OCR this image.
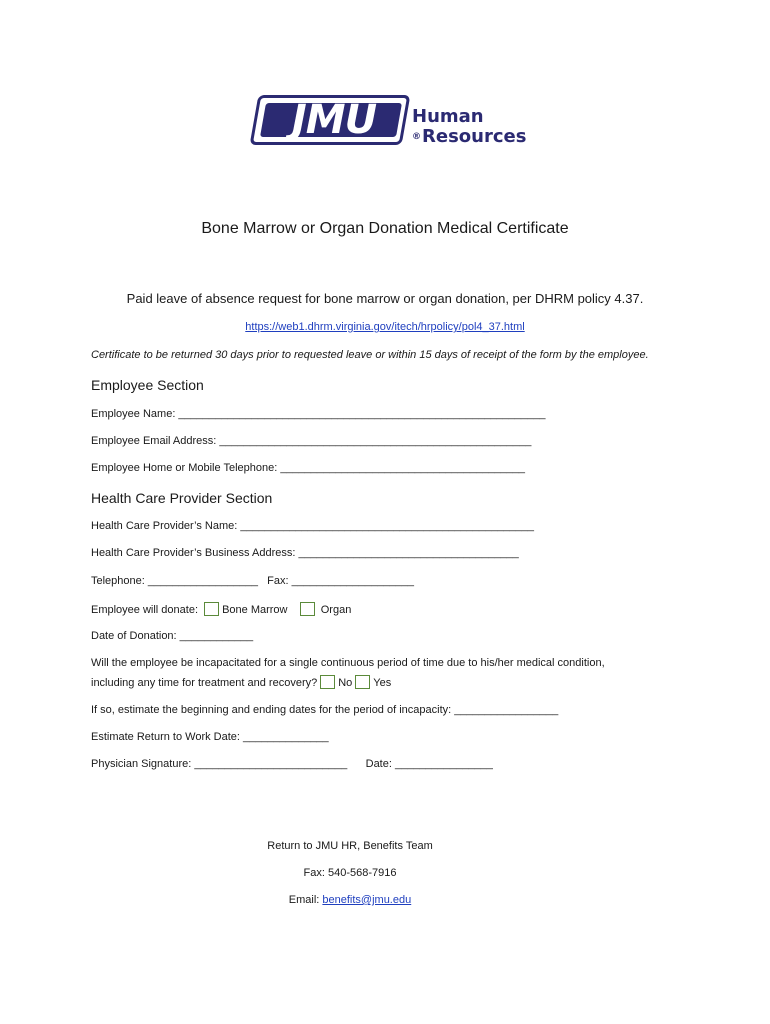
JMU	Human
®Resources
Bone Marrow or Organ Donation Medical Certificate
Paid leave of absence request for bone marrow or organ donation, per DHRM policy 4.37.
https://web1.dhrm.virginia.gov/itech/hrpolicy/pol4_37.html
Certificate to be returned 30 days prior to requested leave or within 15 days of receipt of the form by the employee.
Employee Section
Employee Name: ____________________________________________________________
Employee Email Address: ___________________________________________________
Employee Home or Mobile Telephone: ________________________________________
Health Care Provider Section
Health Care Provider’s Name: ________________________________________________
Health Care Provider’s Business Address: ____________________________________
Telephone: __________________ Fax: ____________________
Employee will donate: Bone Marrow	Organ
Date of Donation: ____________
Will the employee be incapacitated for a single continuous period of time due to his/her medical condition,
including any time for treatment and recovery? No Yes
If so, estimate the beginning and ending dates for the period of incapacity: _________________
Estimate Return to Work Date: ______________
Physician Signature: _________________________ Date: ________________
Return to JMU HR, Benefits Team
Fax: 540-568-7916
Email: benefits@jmu.edu
